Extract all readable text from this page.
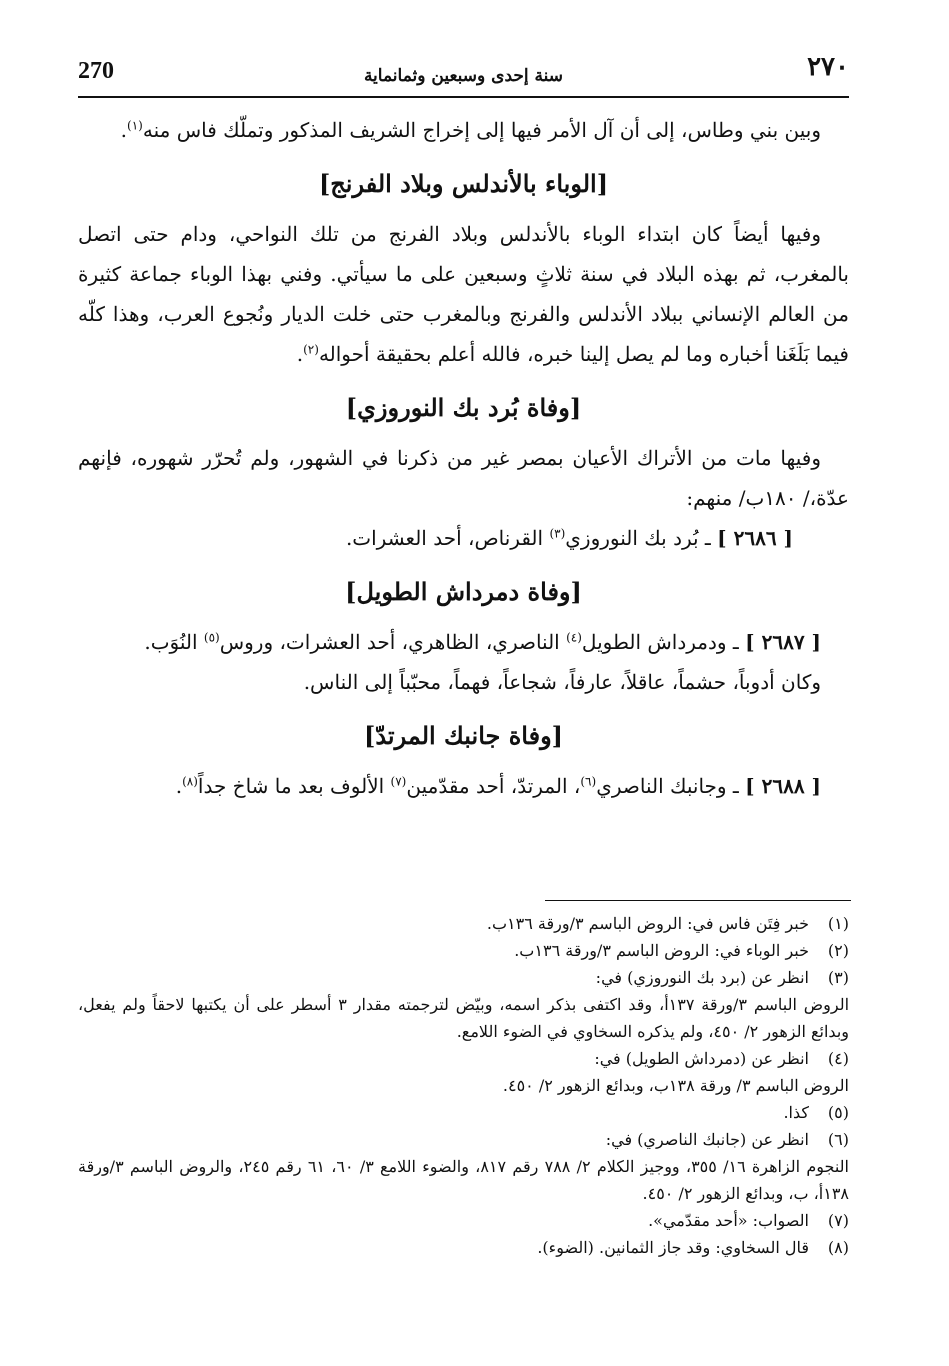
270	سنة إحدى وسبعين وثمانماية	٢٧٠

وبين بني وطاس، إلى أن آل الأمر فيها إلى إخراج الشريف المذكور وتملّك فاس منه$^{(١)}$.

[الوباء بالأندلس وبلاد الفرنج]

وفيها أيضاً كان ابتداء الوباء بالأندلس وبلاد الفرنج من تلك النواحي، ودام حتى اتصل بالمغرب، ثم بهذه البلاد في سنة ثلاثٍ وسبعين على ما سيأتي. وفني بهذا الوباء جماعة كثيرة من العالم الإنساني ببلاد الأندلس والفرنج وبالمغرب حتى خلت الديار ونُجوع العرب، وهذا كلّه فيما بَلَغَنا أخباره وما لم يصل إلينا خبره، فالله أعلم بحقيقة أحواله$^{(٢)}$.

[وفاة بُرد بك النوروزي]

وفيها مات من الأتراك الأعيان بمصر غير من ذكرنا في الشهور، ولم تُحرّر شهوره، فإنهم عدّة،/ ١٨٠ب/ منهم:

[ ٢٦٨٦ ] ـ بُرد بك النوروزي$^{(٣)}$ القرناص، أحد العشرات.

[وفاة دمرداش الطويل]

[ ٢٦٨٧ ] ـ ودمرداش الطويل$^{(٤)}$ الناصري، الظاهري، أحد العشرات، وروس$^{(٥)}$ النُوَب.

وكان أدوباً، حشماً، عاقلاً، عارفاً، شجاعاً، فهماً، محبّباً إلى الناس.

[وفاة جانبك المرتدّ]

[ ٢٦٨٨ ] ـ وجانبك الناصري$^{(٦)}$، المرتدّ، أحد مقدّمين$^{(٧)}$ الألوف بعد ما شاخ جداً$^{(٨)}$.

(١)
خبر فِتَن فاس في: الروض الباسم ٣/ورقة ١٣٦ب.
(٢)
خبر الوباء في: الروض الباسم ٣/ورقة ١٣٦ب.
(٣)
انظر عن (برد بك النوروزي) في:
الروض الباسم ٣/ورقة ١٣٧أ، وقد اكتفى بذكر اسمه، وبيّض لترجمته مقدار ٣ أسطر على أن يكتبها لاحقاً ولم يفعل، وبدائع الزهور ٢/ ٤٥٠، ولم يذكره السخاوي في الضوء اللامع.
(٤)
انظر عن (دمرداش الطويل) في:
الروض الباسم ٣/ ورقة ١٣٨ب، وبدائع الزهور ٢/ ٤٥٠.
(٥)
كذا.
(٦)
انظر عن (جانبك الناصري) في:
النجوم الزاهرة ١٦/ ٣٥٥، ووجيز الكلام ٢/ ٧٨٨ رقم ٨١٧، والضوء اللامع ٣/ ٦٠، ٦١ رقم ٢٤٥، والروض الباسم ٣/ورقة ١٣٨أ، ب، وبدائع الزهور ٢/ ٤٥٠.
(٧)
الصواب: «أحد مقدّمي».
(٨)
قال السخاوي: وقد جاز الثمانين. (الضوء).
